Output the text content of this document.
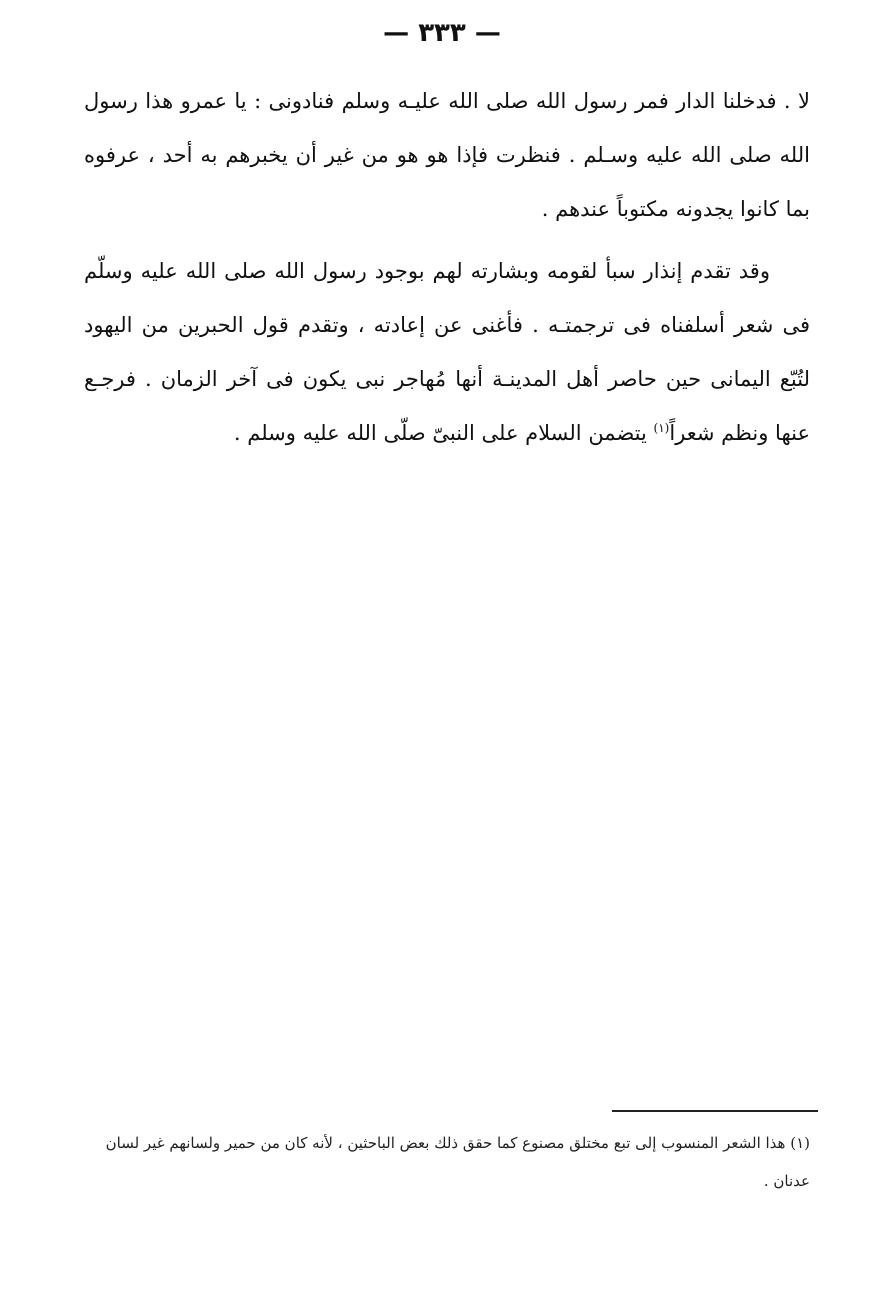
— ٣٣٣ —

لا . فدخلنا الدار فمر رسول الله صلى الله عليـه وسلم فنادونى : يا عمرو هذا رسول الله صلى الله عليه وسـلم . فنظرت فإذا هو هو من غير أن يخبرهم به أحد ، عرفوه بما كانوا يجدونه مكتوباً عندهم .

وقد تقدم إنذار سبأ لقومه وبشارته لهم بوجود رسول الله صلى الله عليه وسلّم فى شعر أسلفناه فى ترجمتـه . فأغنى عن إعادته ، وتقدم قول الحبرين من اليهود لتُبّع اليمانى حين حاصر أهل المدينـة أنها مُهاجر نبى يكون فى آخر الزمان . فرجـع عنها ونظم شعراً$^{(١)}$ يتضمن السلام على النبىّ صلّى الله عليه وسلم .

(١) هذا الشعر المنسوب إلى تبع مختلق مصنوع كما حقق ذلك بعض الباحثين ، لأنه كان من حمير ولسانهم غير لسان عدنان .
